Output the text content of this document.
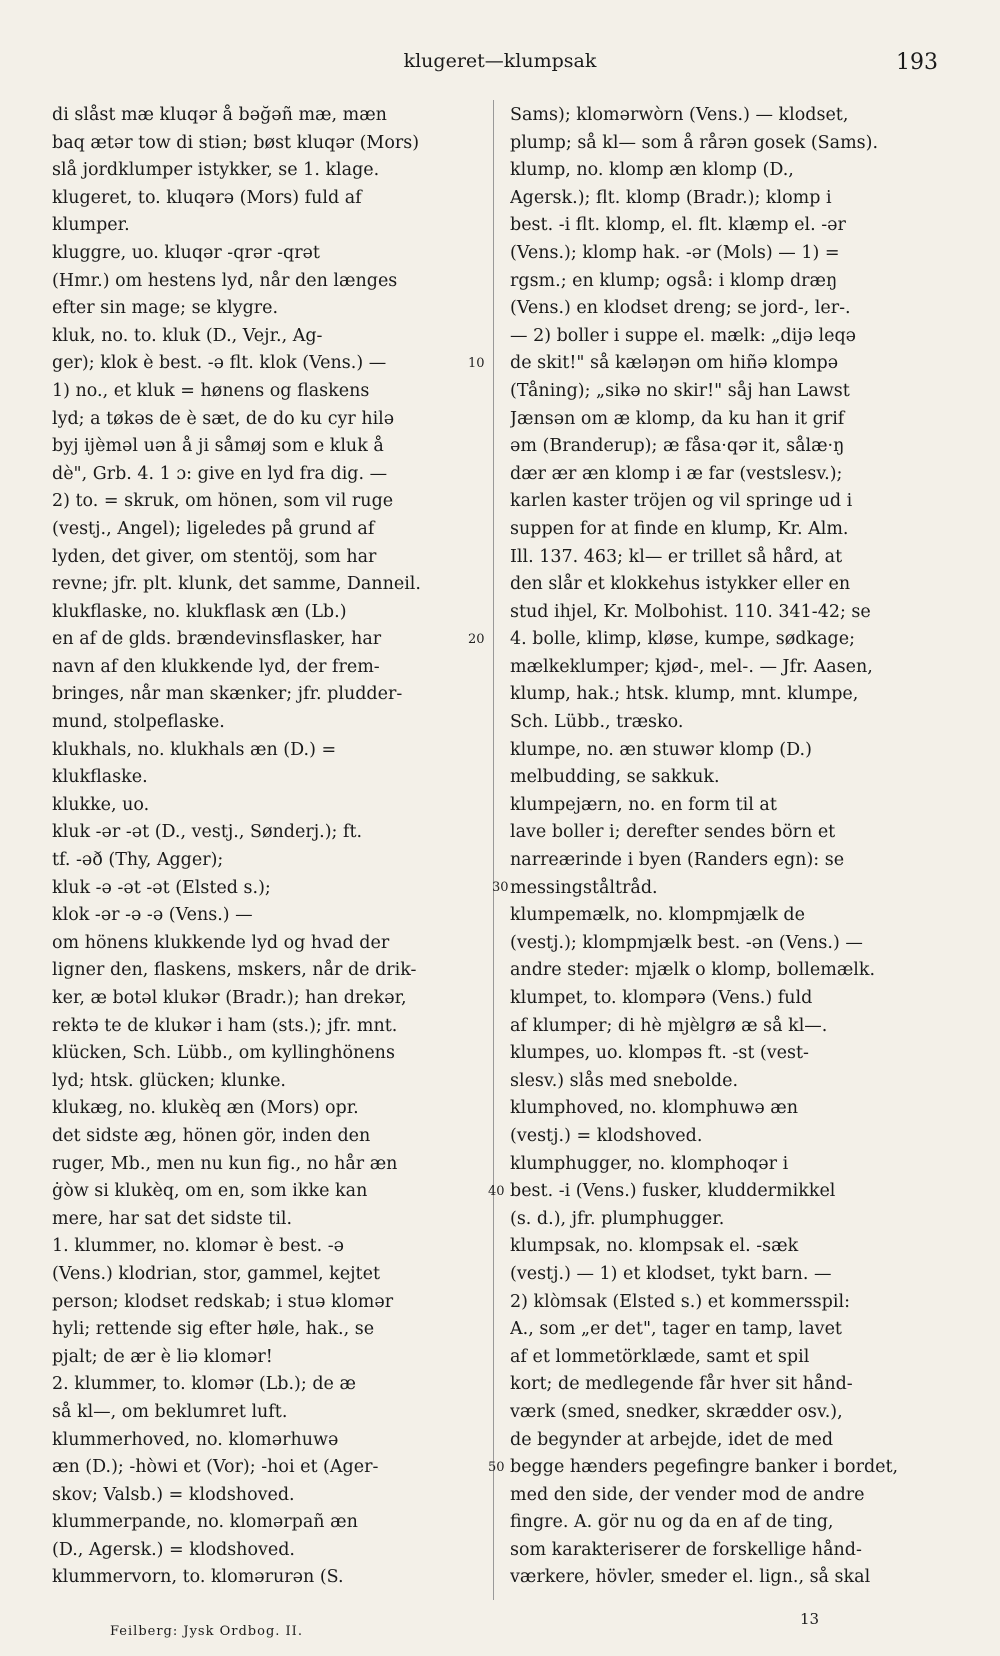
klugeret—klumpsak	193
di slåst mæ kluqər å bəğəñ mæ, mæn
baq ætər tow di stiən; bøst kluqər (Mors)
slå jordklumper istykker, se 1. klage.
klugeret, to. kluqərə (Mors) fuld af
klumper.
kluggre, uo. kluqər -qrər -qrət
(Hmr.) om hestens lyd, når den længes
efter sin mage; se klygre.
kluk, no. to. kluk (D., Vejr., Ag-
ger); klok è best. -ə flt. klok (Vens.) —
1) no., et kluk = hønens og flaskens
lyd; a tøkəs de è sæt, de do ku cyr hilə
byj ijèməl uən å ji såmøj som e kluk å
dè", Grb. 4. 1 ɔ: give en lyd fra dig. —
2) to. = skruk, om hönen, som vil ruge
(vestj., Angel); ligeledes på grund af
lyden, det giver, om stentöj, som har
revne; jfr. plt. klunk, det samme, Danneil.
klukflaske, no. klukflask æn (Lb.)
en af de glds. brændevinsflasker, har
navn af den klukkende lyd, der frem-
bringes, når man skænker; jfr. pludder-
mund, stolpeflaske.
klukhals, no. klukhals æn (D.) =
klukflaske.
klukke, uo.
kluk -ər -ət (D., vestj., Sønderj.); ft.
tf. -əð (Thy, Agger);
kluk -ə -ət -ət (Elsted s.);
klok -ər -ə -ə (Vens.) —
om hönens klukkende lyd og hvad der
ligner den, flaskens, mskers, når de drik-
ker, æ botəl klukər (Bradr.); han drekər,
rektə te de klukər i ham (sts.); jfr. mnt.
klücken, Sch. Lübb., om kyllinghönens
lyd; htsk. glücken; klunke.
klukæg, no. klukèq æn (Mors) opr.
det sidste æg, hönen gör, inden den
ruger, Mb., men nu kun fig., no hår æn
ġòw si klukèq, om en, som ikke kan
mere, har sat det sidste til.
1. klummer, no. klomər è best. -ə
(Vens.) klodrian, stor, gammel, kejtet
person; klodset redskab; i stuə klomər
hyli; rettende sig efter høle, hak., se
pjalt; de ær è liə klomər!
2. klummer, to. klomər (Lb.); de æ
så kl—, om beklumret luft.
klummerhoved, no. klomərhuwə
æn (D.); -hòwi et (Vor); -hoi et (Ager-
skov; Valsb.) = klodshoved.
klummerpande, no. klomərpañ æn
(D., Agersk.) = klodshoved.
klummervorn, to. klomərurən (S.
Sams); klomərwòrn (Vens.) — klodset,
plump; så kl— som å rårən gosek (Sams).
klump, no. klomp æn klomp (D.,
Agersk.); flt. klomp (Bradr.); klomp i
best. -i flt. klomp, el. flt. klæmp el. -ər
(Vens.); klomp hak. -ər (Mols) — 1) =
rgsm.; en klump; også: i klomp dræŋ
(Vens.) en klodset dreng; se jord-, ler-.
— 2) boller i suppe el. mælk: „dijə leqə
de skit!" så kæləŋən om hiñə klompə
(Tåning); „sikə no skir!" såj han Lawst
Jænsən om æ klomp, da ku han it grif
əm (Branderup); æ fåsa·qər it, sålæ·ŋ
dær ær æn klomp i æ far (vestslesv.);
karlen kaster tröjen og vil springe ud i
suppen for at finde en klump, Kr. Alm.
Ill. 137. 463; kl— er trillet så hård, at
den slår et klokkehus istykker eller en
stud ihjel, Kr. Molbohist. 110. 341-42; se
4. bolle, klimp, kløse, kumpe, sødkage;
mælkeklumper; kjød-, mel-. — Jfr. Aasen,
klump, hak.; htsk. klump, mnt. klumpe,
Sch. Lübb., træsko.
klumpe, no. æn stuwər klomp (D.)
melbudding, se sakkuk.
klumpejærn, no. en form til at
lave boller i; derefter sendes börn et
narreærinde i byen (Randers egn): se
messingståltråd.
klumpemælk, no. klompmjælk de
(vestj.); klompmjælk best. -ən (Vens.) —
andre steder: mjælk o klomp, bollemælk.
klumpet, to. klompərə (Vens.) fuld
af klumper; di hè mjèlgrø æ så kl—.
klumpes, uo. klompəs ft. -st (vest-
slesv.) slås med snebolde.
klumphoved, no. klomphuwə æn
(vestj.) = klodshoved.
klumphugger, no. klomphoqər i
best. -i (Vens.) fusker, kluddermikkel
(s. d.), jfr. plumphugger.
klumpsak, no. klompsak el. -sæk
(vestj.) — 1) et klodset, tykt barn. —
2) klòmsak (Elsted s.) et kommersspil:
A., som „er det", tager en tamp, lavet
af et lommetörklæde, samt et spil
kort; de medlegende får hver sit hånd-
værk (smed, snedker, skrædder osv.),
de begynder at arbejde, idet de med
begge hænders pegefingre banker i bordet,
med den side, der vender mod de andre
fingre. A. gör nu og da en af de ting,
som karakteriserer de forskellige hånd-
værkere, hövler, smeder el. lign., så skal
10
20
30
40
50
Feilberg: Jysk Ordbog. II.
13
